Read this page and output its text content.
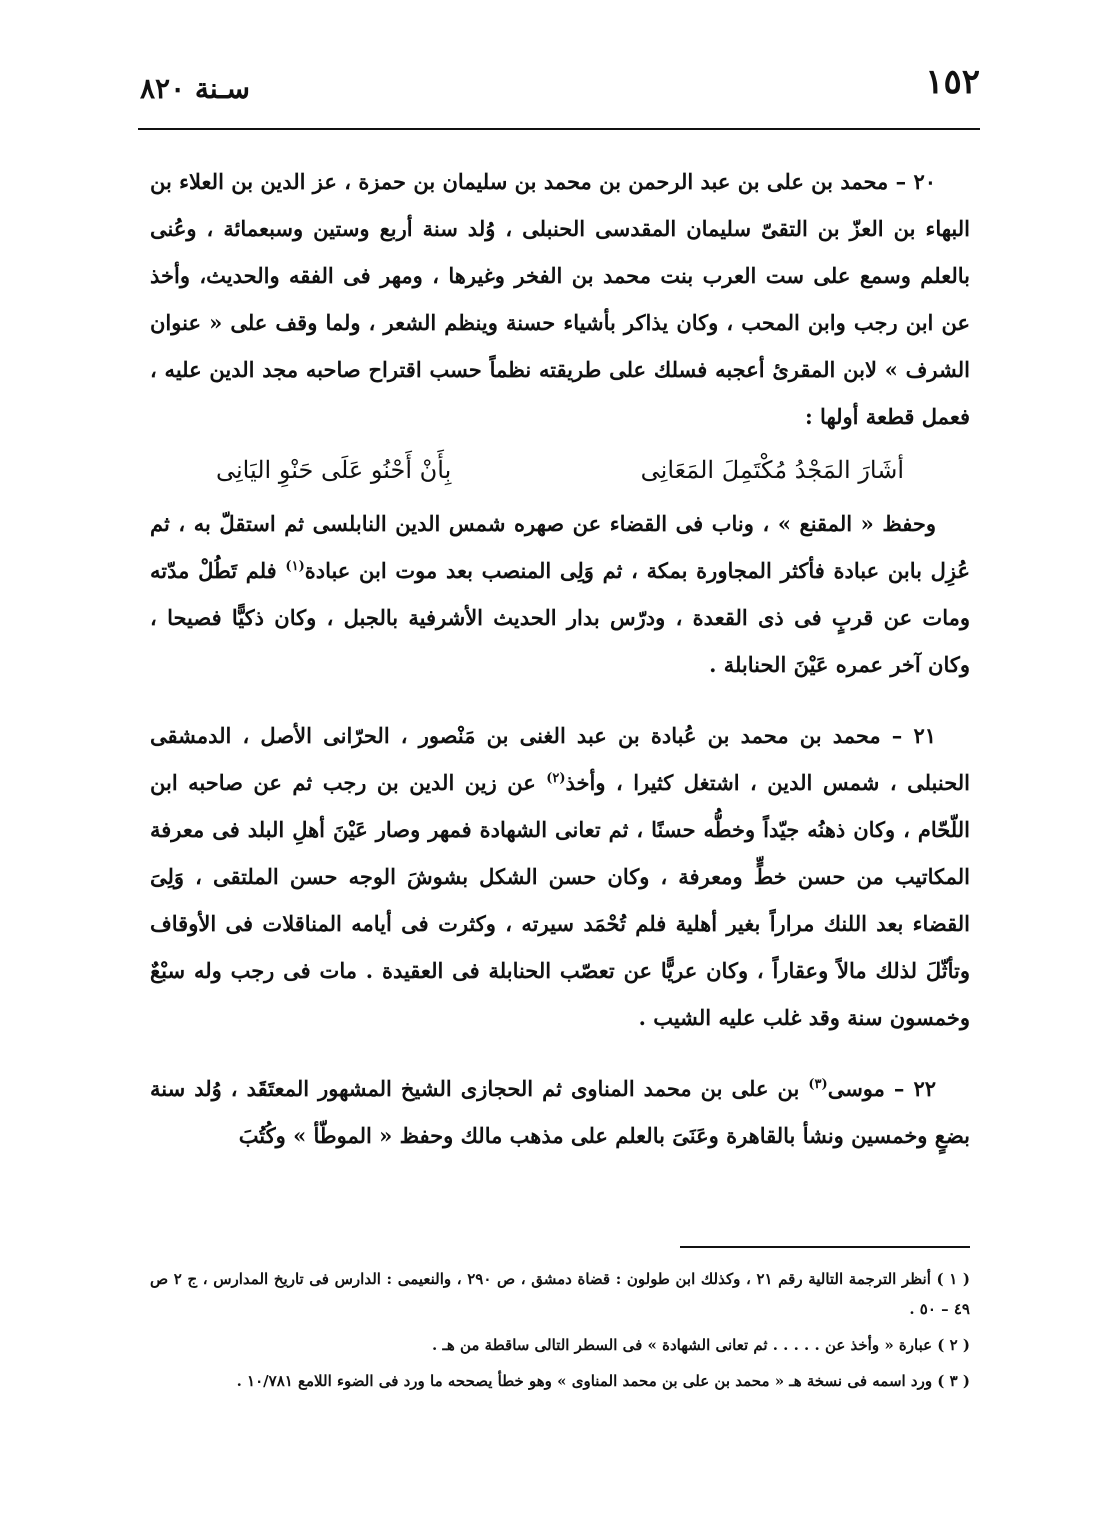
١٥٢
سـنة ٨٢٠

٢٠ – محمد بن على بن عبد الرحمن بن محمد بن سليمان بن حمزة ، عز الدين بن العلاء بن البهاء بن العزّ بن التقىّ سليمان المقدسى الحنبلى ، وُلد سنة أربع وستين وسبعمائة ، وعُنى بالعلم وسمع على ست العرب بنت محمد بن الفخر وغيرها ، ومهر فى الفقه والحديث، وأخذ عن ابن رجب وابن المحب ، وكان يذاكر بأشياء حسنة وينظم الشعر ، ولما وقف على « عنوان الشرف » لابن المقرئ أعجبه فسلك على طريقته نظماً حسب اقتراح صاحبه مجد الدين عليه ، فعمل قطعة أولها :

أشَارَ المَجْدُ مُكْتَمِلَ المَعَانِى
بِأَنْ أَحْنُو عَلَى حَنْوِ اليَانِى

وحفظ « المقنع » ، وناب فى القضاء عن صهره شمس الدين النابلسى ثم استقلّ به ، ثم عُزِل بابن عبادة فأكثر المجاورة بمكة ، ثم وَلِى المنصب بعد موت ابن عبادة$^{(١)}$ فلم تَطُلْ مدّته ومات عن قربٍ فى ذى القعدة ، ودرّس بدار الحديث الأشرفية بالجبل ، وكان ذكيًّا فصيحا ، وكان آخر عمره عَيْنَ الحنابلة .

٢١ – محمد بن محمد بن عُبادة بن عبد الغنى بن مَنْصور ، الحرّانى الأصل ، الدمشقى الحنبلى ، شمس الدين ، اشتغل كثيرا ، وأخذ$^{(٢)}$ عن زين الدين بن رجب ثم عن صاحبه ابن اللّحّام ، وكان ذهنُه جيّداً وخطُّه حسنًا ، ثم تعانى الشهادة فمهر وصار عَيْنَ أهلِ البلد فى معرفة المكاتيب من حسن خطٍّ ومعرفة ، وكان حسن الشكل بشوشَ الوجه حسن الملتقى ، وَلِىَ القضاء بعد اللنك مراراً بغير أهلية فلم تُحْمَد سيرته ، وكثرت فى أيامه المناقلات فى الأوقاف وتأثّلَ لذلك مالاً وعقاراً ، وكان عريًّا عن تعصّب الحنابلة فى العقيدة . مات فى رجب وله سبْعٌ وخمسون سنة وقد غلب عليه الشيب .

٢٢ – موسى$^{(٣)}$ بن على بن محمد المناوى ثم الحجازى الشيخ المشهور المعتَقَد ، وُلد سنة بضعٍ وخمسين ونشأ بالقاهرة وعَنَىَ بالعلم على مذهب مالك وحفظ « الموطّأ » وكُتُبَ

( ١ ) أنظر الترجمة التالية رقم ٢١ ، وكذلك ابن طولون : قضاة دمشق ، ص ٢٩٠ ، والنعيمى : الدارس فى تاريخ المدارس ، ج ٢ ص ٤٩ – ٥٠ .

( ٢ ) عبارة « وأخذ عن . . . . . ثم تعانى الشهادة » فى السطر التالى ساقطة من هـ .

( ٣ ) ورد اسمه فى نسخة هـ « محمد بن على بن محمد المناوى » وهو خطأ يصححه ما ورد فى الضوء اللامع ١٠/٧٨١ .
